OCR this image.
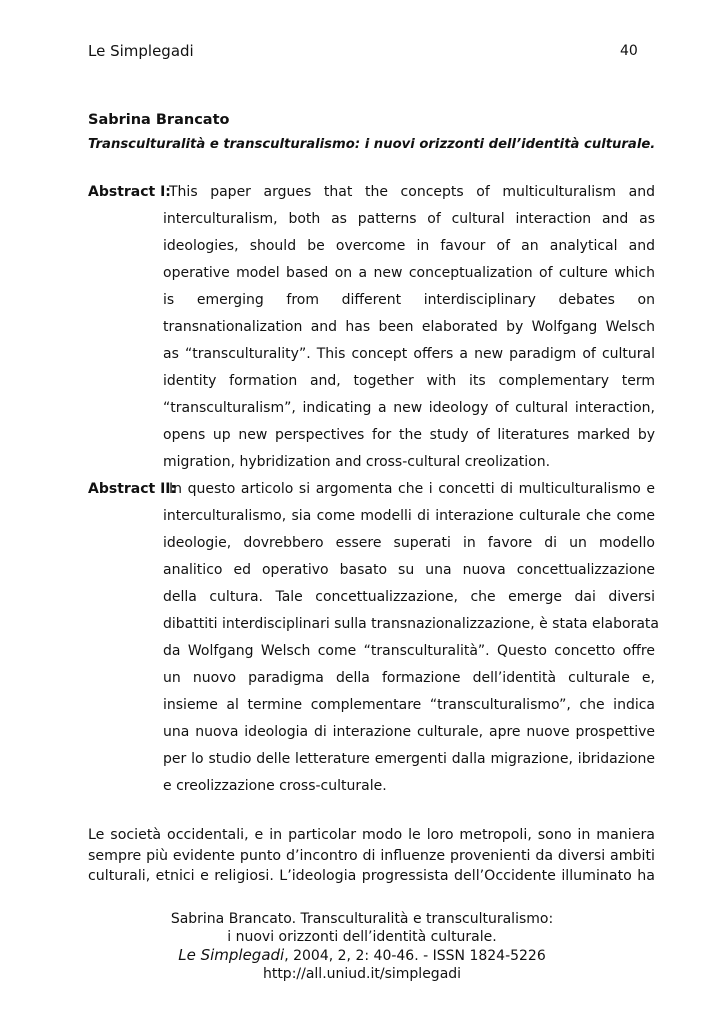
Le Simplegadi	40
Sabrina Brancato
Transculturalità e transculturalismo: i nuovi orizzonti dell’identità culturale.
Abstract I:
This paper argues that the concepts of multiculturalism and
interculturalism, both as patterns of cultural interaction and as
ideologies, should be overcome in favour of an analytical and
operative model based on a new conceptualization of culture which
is emerging from different interdisciplinary debates on
transnationalization and has been elaborated by Wolfgang Welsch
as “transculturality”. This concept offers a new paradigm of cultural
identity formation and, together with its complementary term
“transculturalism”, indicating a new ideology of cultural interaction,
opens up new perspectives for the study of literatures marked by
migration, hybridization and cross-cultural creolization.
Abstract II:
In questo articolo si argomenta che i concetti di multiculturalismo e
interculturalismo, sia come modelli di interazione culturale che come
ideologie, dovrebbero essere superati in favore di un modello
analitico ed operativo basato su una nuova concettualizzazione
della cultura. Tale concettualizzazione, che emerge dai diversi
dibattiti interdisciplinari sulla transnazionalizzazione, è stata elaborata
da Wolfgang Welsch come “transculturalità”. Questo concetto offre
un nuovo paradigma della formazione dell’identità culturale e,
insieme al termine complementare “transculturalismo”, che indica
una nuova ideologia di interazione culturale, apre nuove prospettive
per lo studio delle letterature emergenti dalla migrazione, ibridazione
e creolizzazione cross-culturale.
Le società occidentali, e in particolar modo le loro metropoli, sono in maniera
sempre più evidente punto d’incontro di influenze provenienti da diversi ambiti
culturali, etnici e religiosi. L’ideologia progressista dell’Occidente illuminato ha
Sabrina Brancato. Transculturalità e transculturalismo:
i nuovi orizzonti dell’identità culturale.
Le Simplegadi, 2004, 2, 2: 40-46. - ISSN 1824-5226
http://all.uniud.it/simplegadi
